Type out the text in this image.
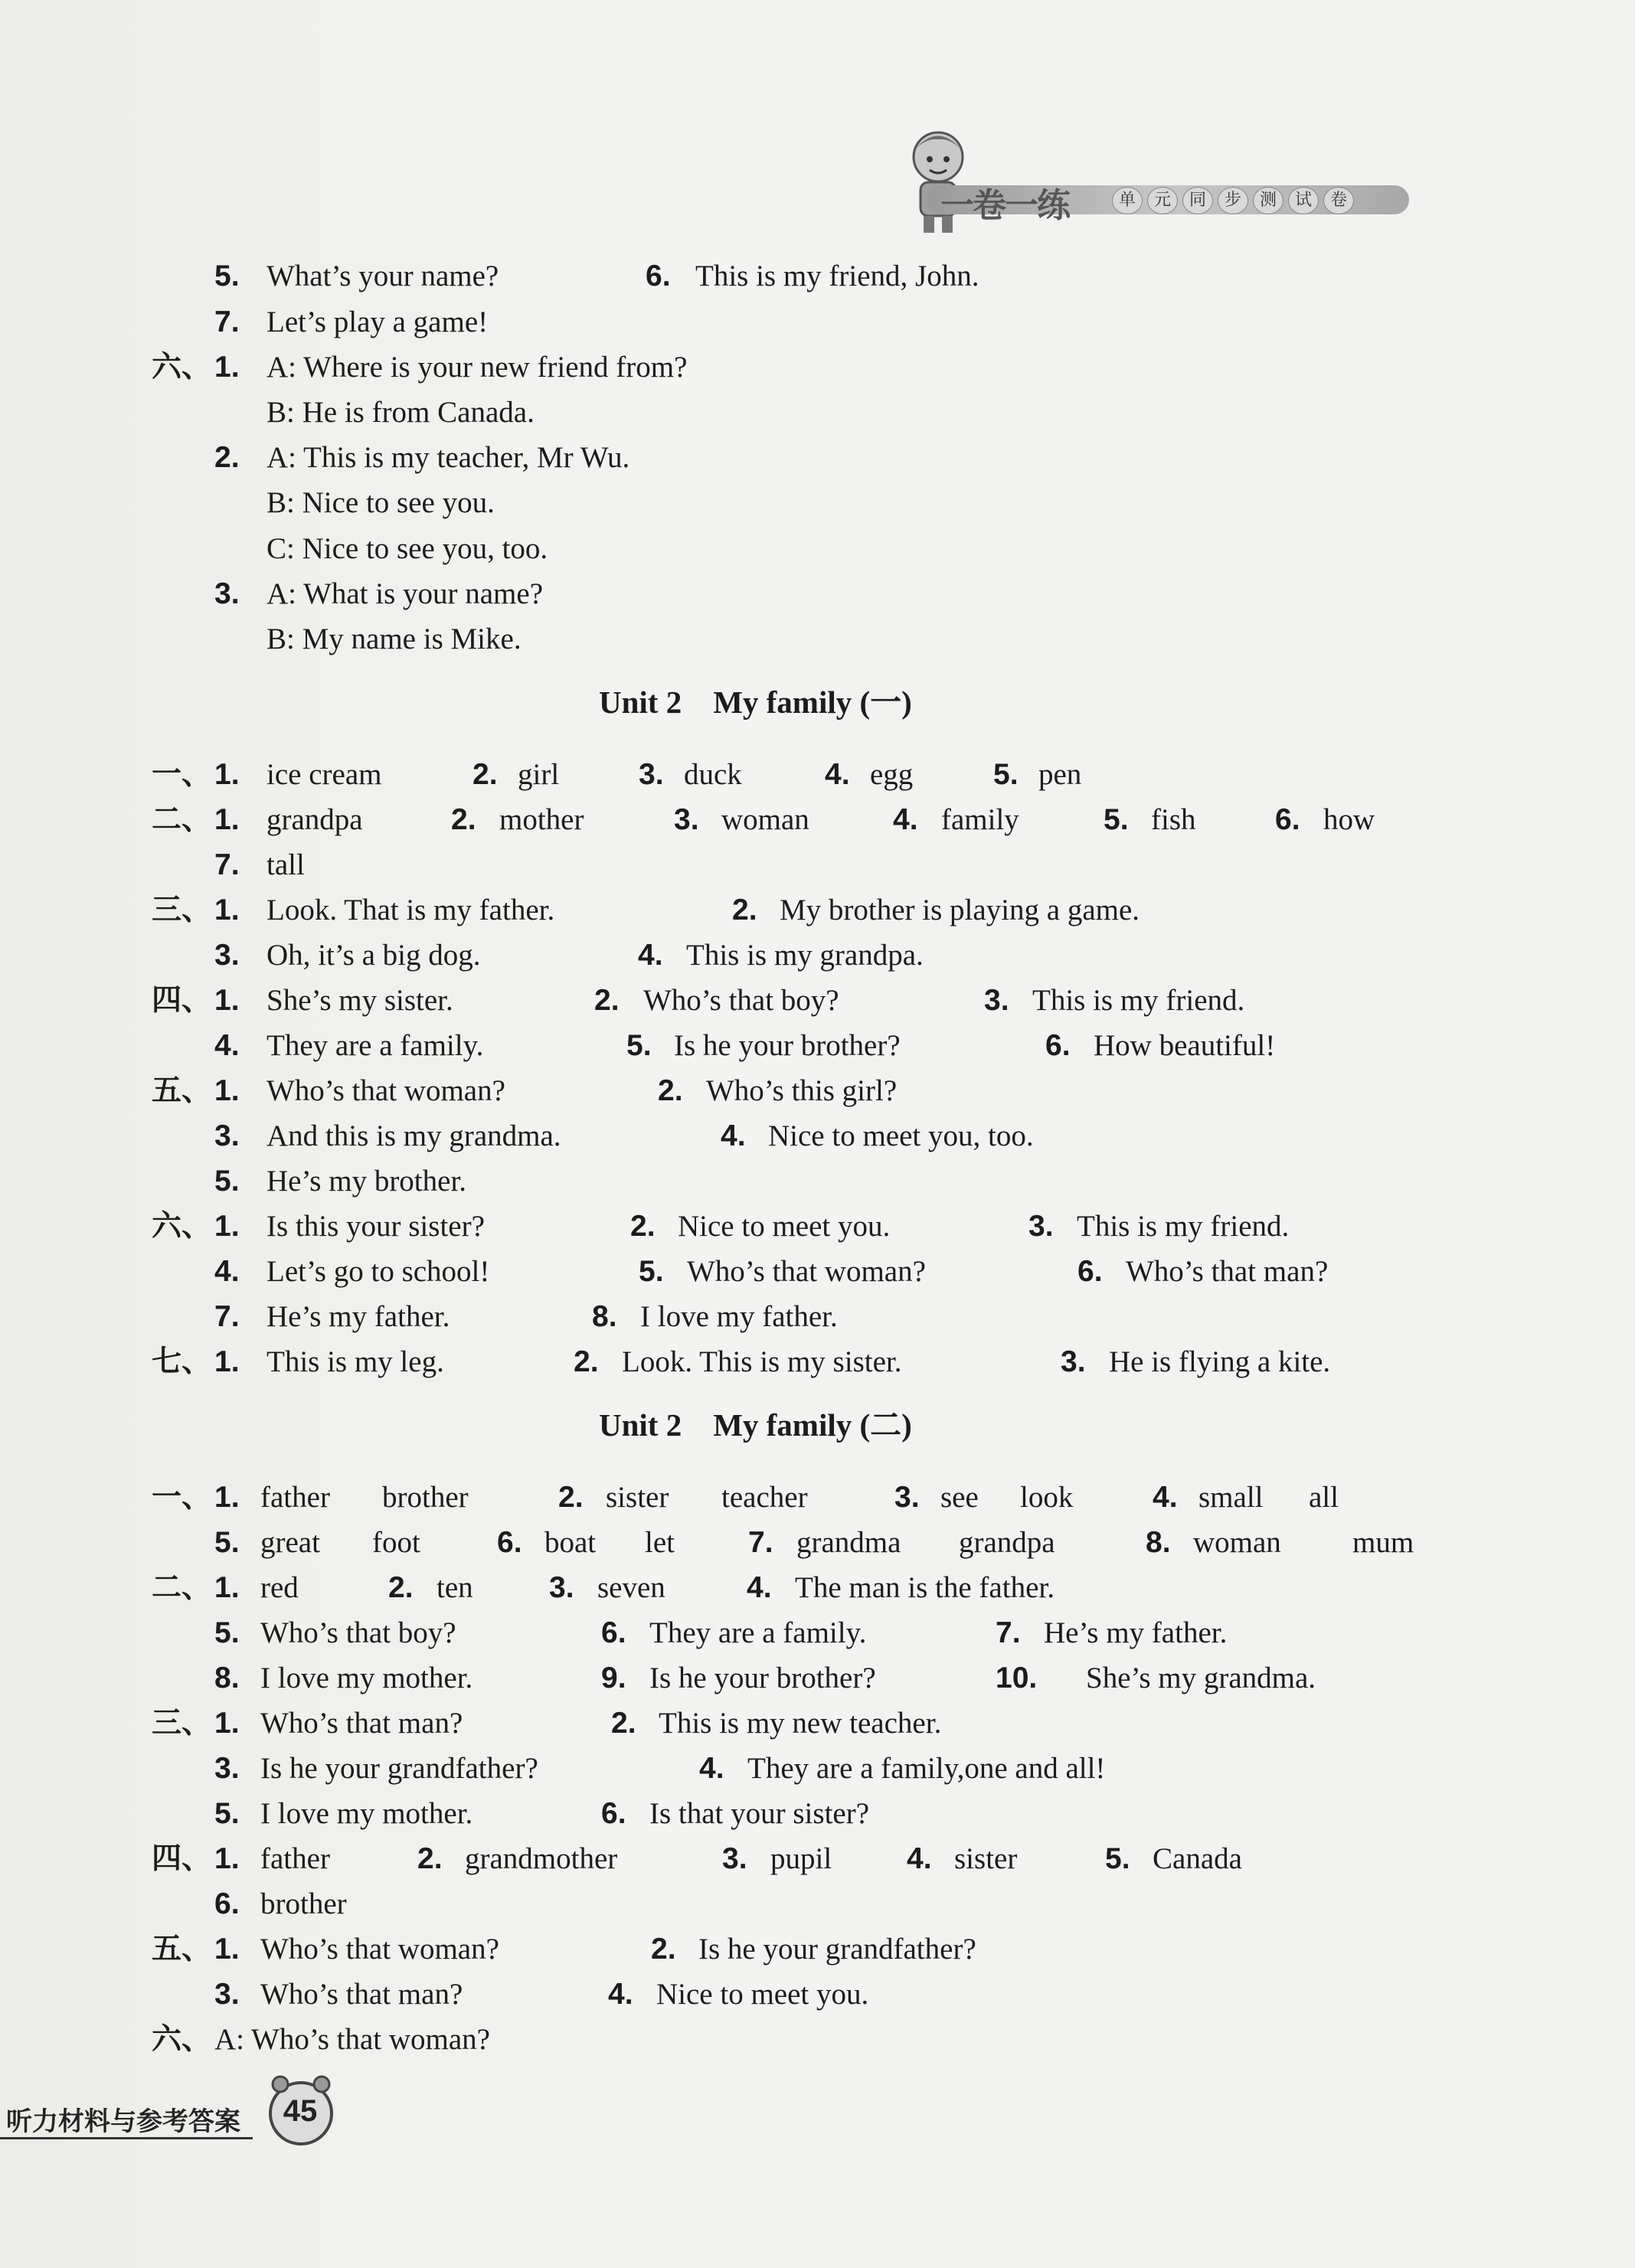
一卷一练	单	元	同	步	测	试	卷
5. What’s your name?	6. This is my friend, John.
7. Let’s play a game!
六、 1. A: Where is your new friend from?
B: He is from Canada.
2. A: This is my teacher, Mr Wu.
B: Nice to see you.
C: Nice to see you, too.
3. A: What is your name?
B: My name is Mike.
一、 1. ice cream	2. girl	3. duck	4. egg	5. pen
二、 1. grandpa	2. mother	3. woman	4. family	5. fish	6. how
7. tall
三、 1. Look. That is my father.	2. My brother is playing a game.
3. Oh, it’s a big dog.	4. This is my grandpa.
四、 1. She’s my sister.	2. Who’s that boy?	3. This is my friend.
4. They are a family.	5. Is he your brother?	6. How beautiful!
五、 1. Who’s that woman?	2. Who’s this girl?
3. And this is my grandma.	4. Nice to meet you, too.
5. He’s my brother.
六、 1. Is this your sister?	2. Nice to meet you.	3. This is my friend.
4. Let’s go to school!	5. Who’s that woman?	6. Who’s that man?
7. He’s my father.	8. I love my father.
七、 1. This is my leg.	2. Look. This is my sister.	3. He is flying a kite.
一、 1. father brother	2. sister teacher	3. see look	4. small all
5. great foot	6. boat let 7. grandma grandpa	8. woman mum
二、 1. red	2. ten	3. seven	4. The man is the father.
5. Who’s that boy?	6. They are a family.	7. He’s my father.
8. I love my mother.	9. Is he your brother?	10. She’s my grandma.
三、 1. Who’s that man?	2. This is my new teacher.
3. Is he your grandfather?	4. They are a family,one and all!
5. I love my mother.	6. Is that your sister?
四、 1. father	2. grandmother	3. pupil	4. sister	5. Canada
6. brother
五、 1. Who’s that woman?	2. Is he your grandfather?
3. Who’s that man?	4. Nice to meet you.
六、 A: Who’s that woman?
Unit 2    My family (一)
Unit 2    My family (二)
听力材料与参考答案	45
